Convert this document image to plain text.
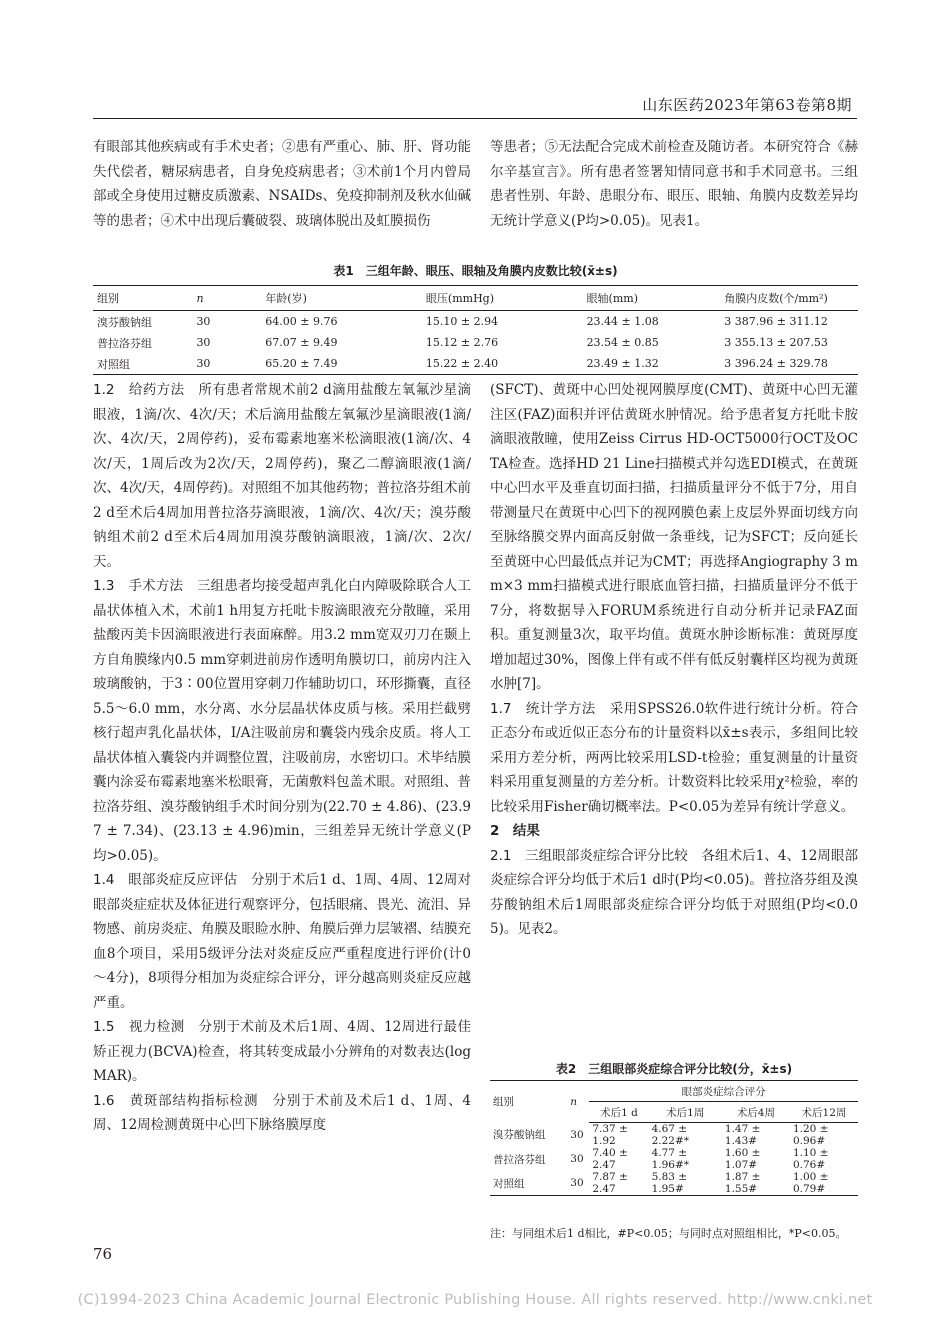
山东医药2023年第63卷第8期

有眼部其他疾病或有手术史者；②患有严重心、肺、肝、肾功能失代偿者，糖尿病患者，自身免疫病患者；③术前1个月内曾局部或全身使用过糖皮质激素、NSAIDs、免疫抑制剂及秋水仙碱等的患者；④术中出现后囊破裂、玻璃体脱出及虹膜损伤

等患者；⑤无法配合完成术前检查及随访者。本研究符合《赫尔辛基宣言》。所有患者签署知情同意书和手术同意书。三组患者性别、年龄、患眼分布、眼压、眼轴、角膜内皮数差异均无统计学意义(P均>0.05)。见表1。

表1　三组年龄、眼压、眼轴及角膜内皮数比较(x̄±s)
组别	n	年龄(岁)	眼压(mmHg)	眼轴(mm)	角膜内皮数(个/mm²)
溴芬酸钠组	30	64.00 ± 9.76	15.10 ± 2.94	23.44 ± 1.08	3 387.96 ± 311.12
普拉洛芬组	30	67.07 ± 9.49	15.12 ± 2.76	23.54 ± 0.85	3 355.13 ± 207.53
对照组	30	65.20 ± 7.49	15.22 ± 2.40	23.49 ± 1.32	3 396.24 ± 329.78

1.2　给药方法　所有患者常规术前2 d滴用盐酸左氧氟沙星滴眼液，1滴/次、4次/天；术后滴用盐酸左氧氟沙星滴眼液(1滴/次、4次/天，2周停药)，妥布霉素地塞米松滴眼液(1滴/次、4次/天，1周后改为2次/天，2周停药)，聚乙二醇滴眼液(1滴/次、4次/天，4周停药)。对照组不加其他药物；普拉洛芬组术前2 d至术后4周加用普拉洛芬滴眼液，1滴/次、4次/天；溴芬酸钠组术前2 d至术后4周加用溴芬酸钠滴眼液，1滴/次、2次/天。

1.3　手术方法　三组患者均接受超声乳化白内障吸除联合人工晶状体植入术，术前1 h用复方托吡卡胺滴眼液充分散瞳，采用盐酸丙美卡因滴眼液进行表面麻醉。用3.2 mm宽双刃刀在颞上方自角膜缘内0.5 mm穿刺进前房作透明角膜切口，前房内注入玻璃酸钠，于3∶00位置用穿刺刀作辅助切口，环形撕囊，直径5.5～6.0 mm，水分离、水分层晶状体皮质与核。采用拦截劈核行超声乳化晶状体，I/A注吸前房和囊袋内残余皮质。将人工晶状体植入囊袋内并调整位置，注吸前房，水密切口。术毕结膜囊内涂妥布霉素地塞米松眼膏，无菌敷料包盖术眼。对照组、普拉洛芬组、溴芬酸钠组手术时间分别为(22.70 ± 4.86)、(23.97 ± 7.34)、(23.13 ± 4.96)min，三组差异无统计学意义(P均>0.05)。

1.4　眼部炎症反应评估　分别于术后1 d、1周、4周、12周对眼部炎症症状及体征进行观察评分，包括眼痛、畏光、流泪、异物感、前房炎症、角膜及眼睑水肿、角膜后弹力层皱褶、结膜充血8个项目，采用5级评分法对炎症反应严重程度进行评价(计0～4分)，8项得分相加为炎症综合评分，评分越高则炎症反应越严重。

1.5　视力检测　分别于术前及术后1周、4周、12周进行最佳矫正视力(BCVA)检查，将其转变成最小分辨角的对数表达(logMAR)。

1.6　黄斑部结构指标检测　分别于术前及术后1 d、1周、4周、12周检测黄斑中心凹下脉络膜厚度

(SFCT)、黄斑中心凹处视网膜厚度(CMT)、黄斑中心凹无灌注区(FAZ)面积并评估黄斑水肿情况。给予患者复方托吡卡胺滴眼液散瞳，使用Zeiss Cirrus HD-OCT5000行OCT及OCTA检查。选择HD 21 Line扫描模式并勾选EDI模式，在黄斑中心凹水平及垂直切面扫描，扫描质量评分不低于7分，用自带测量尺在黄斑中心凹下的视网膜色素上皮层外界面切线方向至脉络膜交界内面高反射做一条垂线，记为SFCT；反向延长至黄斑中心凹最低点并记为CMT；再选择Angiography 3 mm×3 mm扫描模式进行眼底血管扫描，扫描质量评分不低于7分，将数据导入FORUM系统进行自动分析并记录FAZ面积。重复测量3次，取平均值。黄斑水肿诊断标准：黄斑厚度增加超过30%，图像上伴有或不伴有低反射囊样区均视为黄斑水肿[7]。

1.7　统计学方法　采用SPSS26.0软件进行统计分析。符合正态分布或近似正态分布的计量资料以x̄±s表示，多组间比较采用方差分析，两两比较采用LSD-t检验；重复测量的计量资料采用重复测量的方差分析。计数资料比较采用χ²检验，率的比较采用Fisher确切概率法。P<0.05为差异有统计学意义。

2　结果

2.1　三组眼部炎症综合评分比较　各组术后1、4、12周眼部炎症综合评分均低于术后1 d时(P均<0.05)。普拉洛芬组及溴芬酸钠组术后1周眼部炎症综合评分均低于对照组(P均<0.05)。见表2。

表2　三组眼部炎症综合评分比较(分，x̄±s)
组别	n	眼部炎症综合评分			
		术后1 d	术后1周	术后4周	术后12周
溴芬酸钠组	30	7.37 ± 1.92	4.67 ± 2.22#*	1.47 ± 1.43#	1.20 ± 0.96#
普拉洛芬组	30	7.40 ± 2.47	4.77 ± 1.96#*	1.60 ± 1.07#	1.10 ± 0.76#
对照组	30	7.87 ± 2.47	5.83 ± 1.95#	1.87 ± 1.55#	1.00 ± 0.79#
注：与同组术后1 d相比，#P<0.05；与同时点对照组相比，*P<0.05。
76
(C)1994-2023 China Academic Journal Electronic Publishing House. All rights reserved. http://www.cnki.net
